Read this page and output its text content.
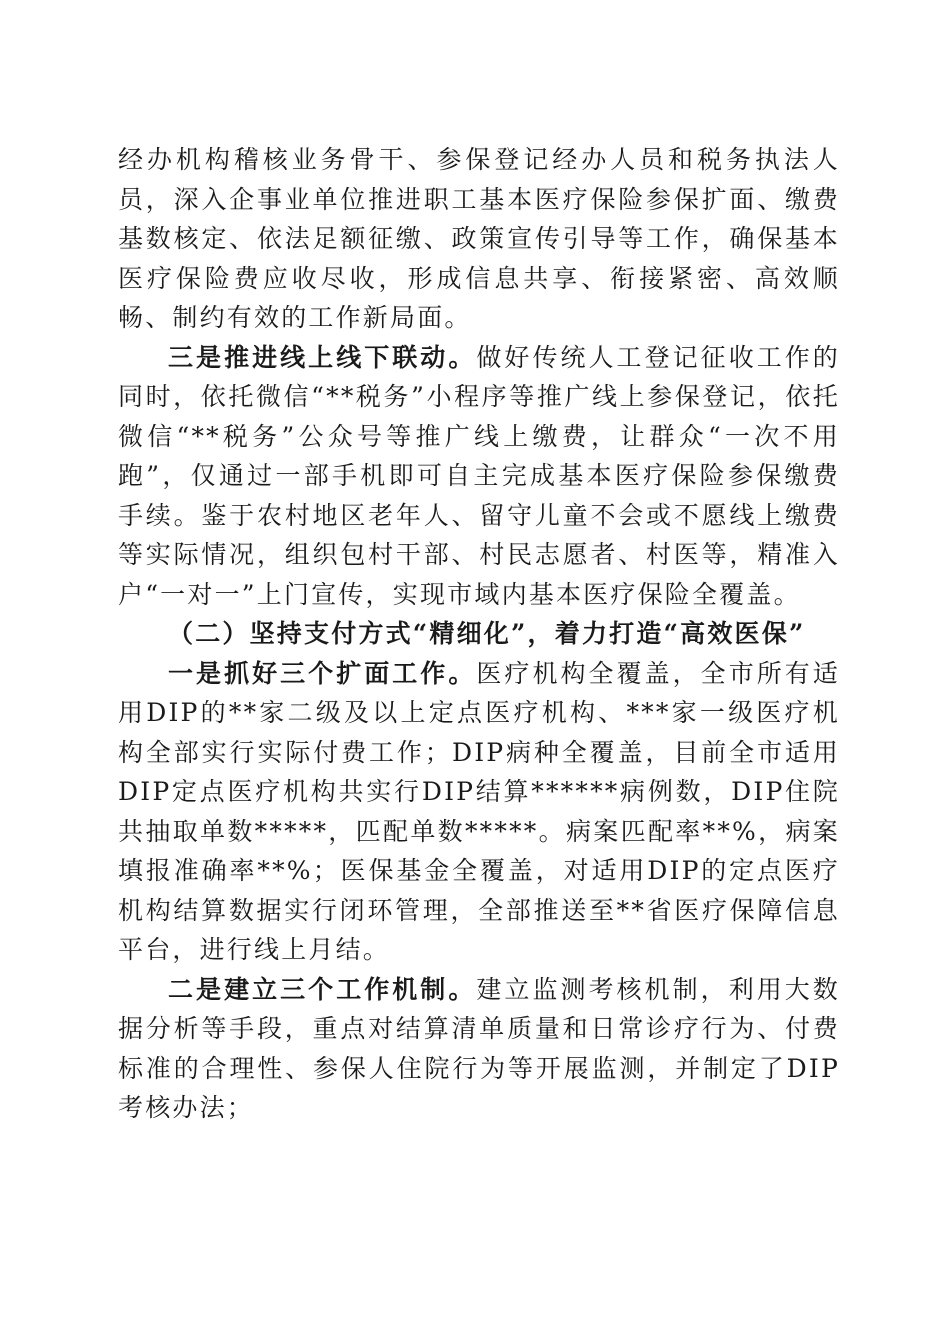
经办机构稽核业务骨干、参保登记经办人员和税务执法人员，深入企事业单位推进职工基本医疗保险参保扩面、缴费基数核定、依法足额征缴、政策宣传引导等工作，确保基本医疗保险费应收尽收，形成信息共享、衔接紧密、高效顺畅、制约有效的工作新局面。

三是推进线上线下联动。做好传统人工登记征收工作的同时，依托微信“**税务”小程序等推广线上参保登记，依托微信“**税务”公众号等推广线上缴费，让群众“一次不用跑”，仅通过一部手机即可自主完成基本医疗保险参保缴费手续。鉴于农村地区老年人、留守儿童不会或不愿线上缴费等实际情况，组织包村干部、村民志愿者、村医等，精准入户“一对一”上门宣传，实现市域内基本医疗保险全覆盖。

（二）坚持支付方式“精细化”，着力打造“高效医保”

一是抓好三个扩面工作。医疗机构全覆盖，全市所有适用DIP的**家二级及以上定点医疗机构、***家一级医疗机构全部实行实际付费工作；DIP病种全覆盖，目前全市适用DIP定点医疗机构共实行DIP结算******病例数，DIP住院共抽取单数*****，匹配单数*****。病案匹配率**%，病案填报准确率**%；医保基金全覆盖，对适用DIP的定点医疗机构结算数据实行闭环管理，全部推送至**省医疗保障信息平台，进行线上月结。

二是建立三个工作机制。建立监测考核机制，利用大数据分析等手段，重点对结算清单质量和日常诊疗行为、付费标准的合理性、参保人住院行为等开展监测，并制定了DIP考核办法；
